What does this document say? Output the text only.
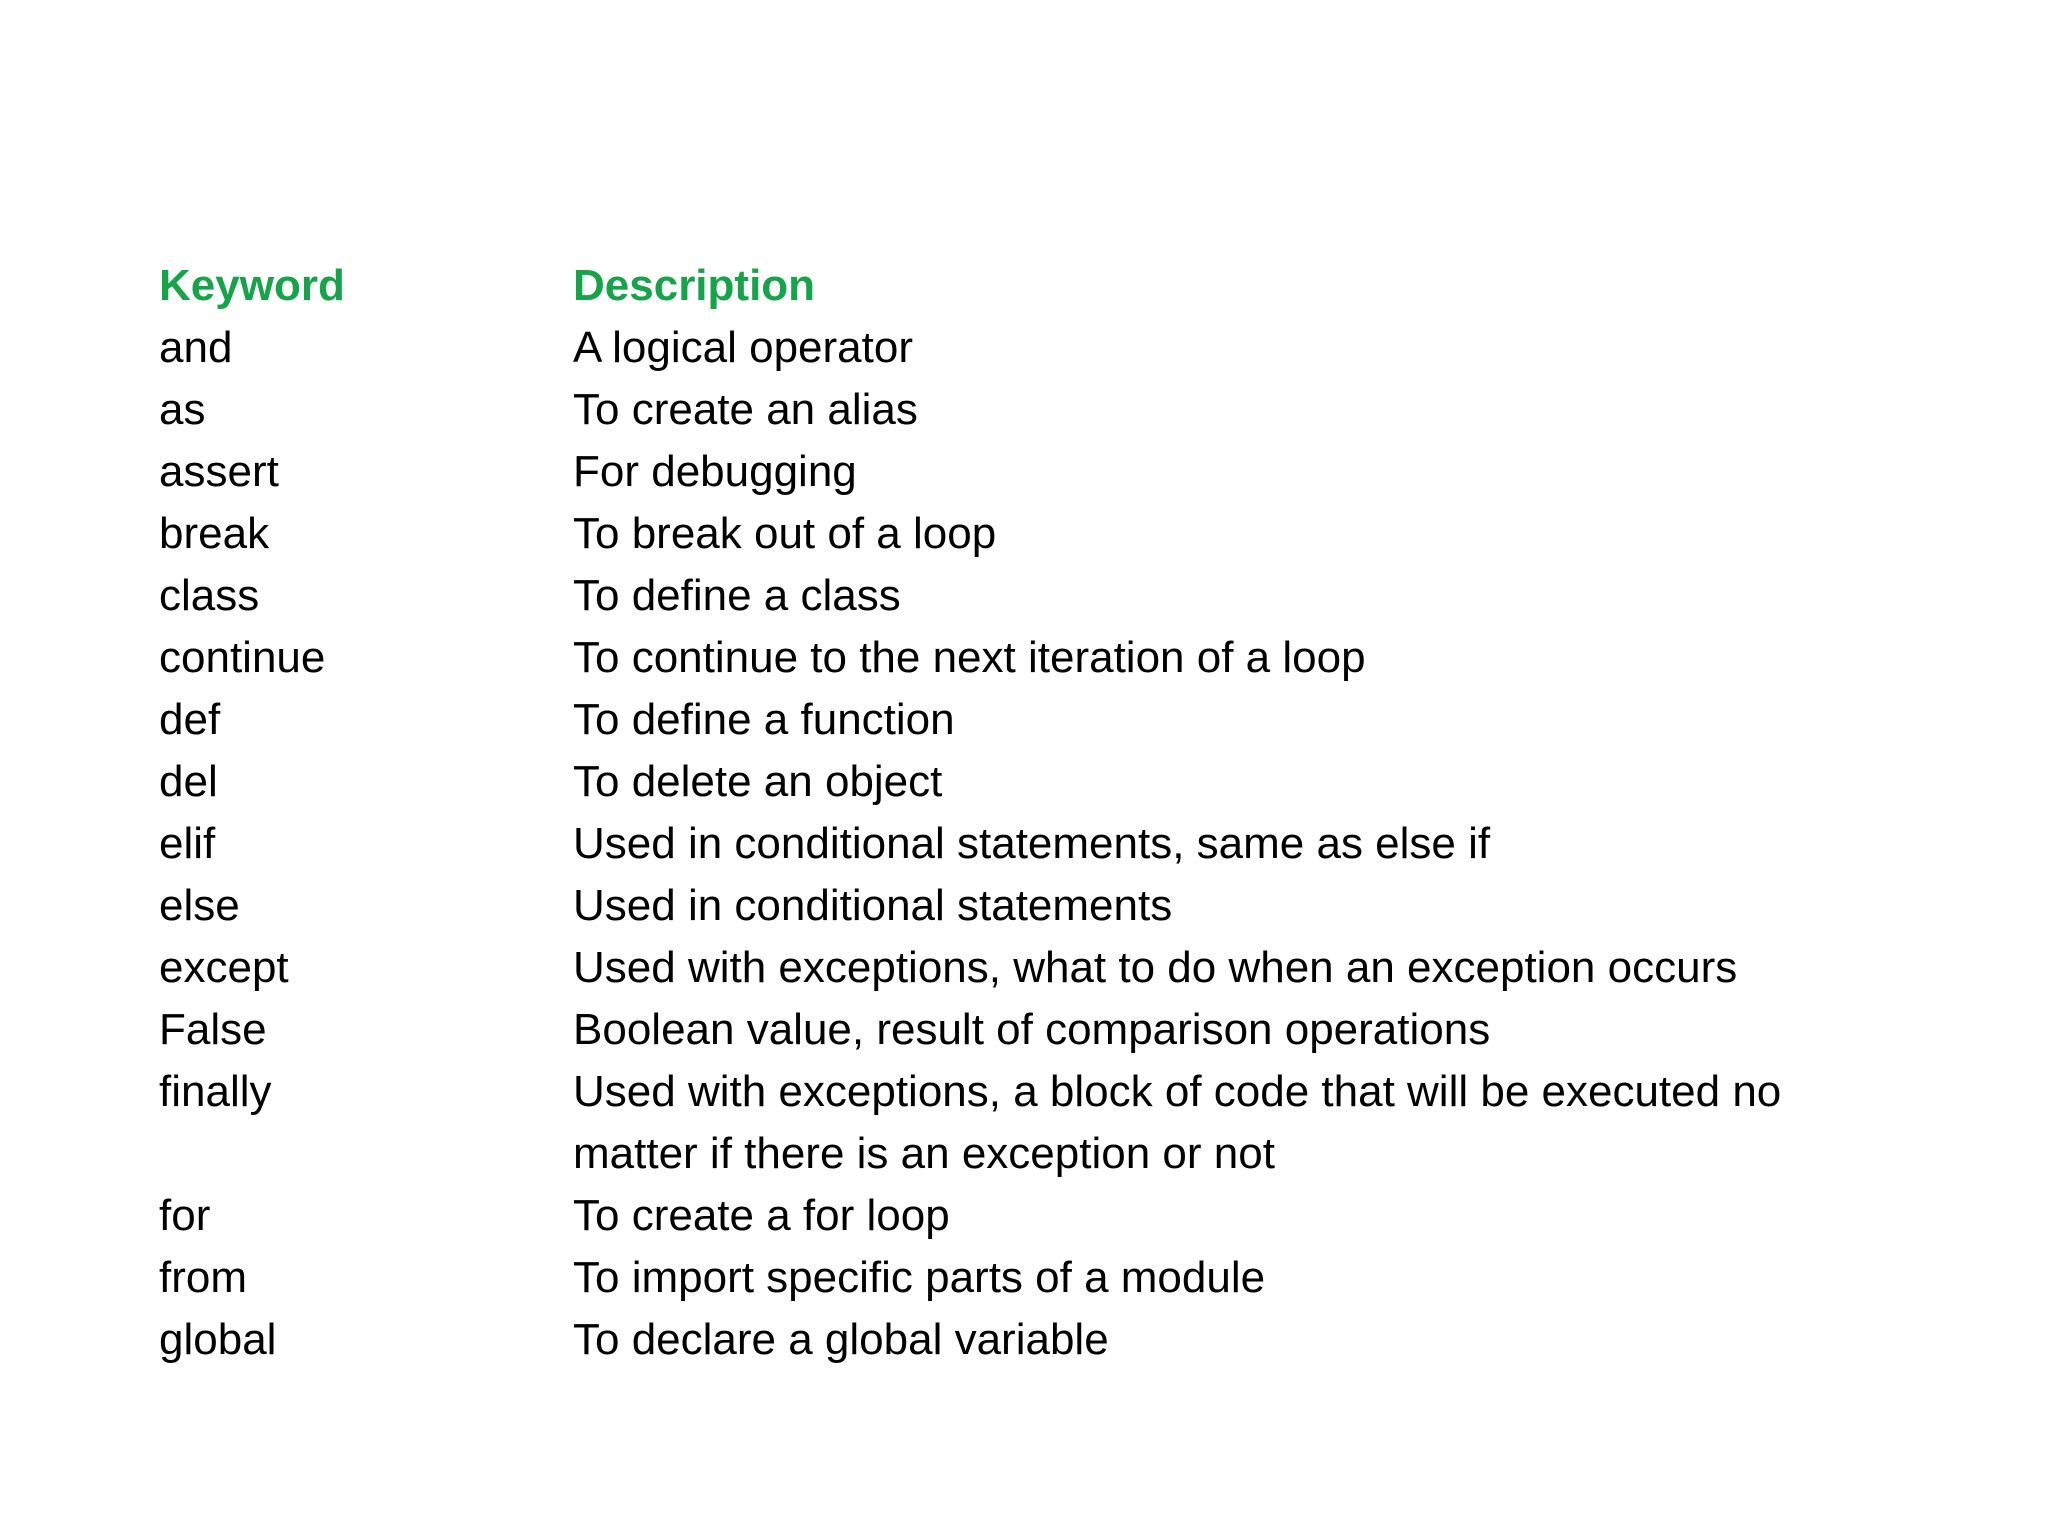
Keyword	Description
and	A logical operator
as	To create an alias
assert	For debugging
break	To break out of a loop
class	To define a class
continue	To continue to the next iteration of a loop
def	To define a function
del	To delete an object
elif	Used in conditional statements, same as else if
else	Used in conditional statements
except	Used with exceptions, what to do when an exception occurs
False	Boolean value, result of comparison operations
finally	Used with exceptions, a block of code that will be executed no matter if there is an exception or not
for	To create a for loop
from	To import specific parts of a module
global	To declare a global variable
